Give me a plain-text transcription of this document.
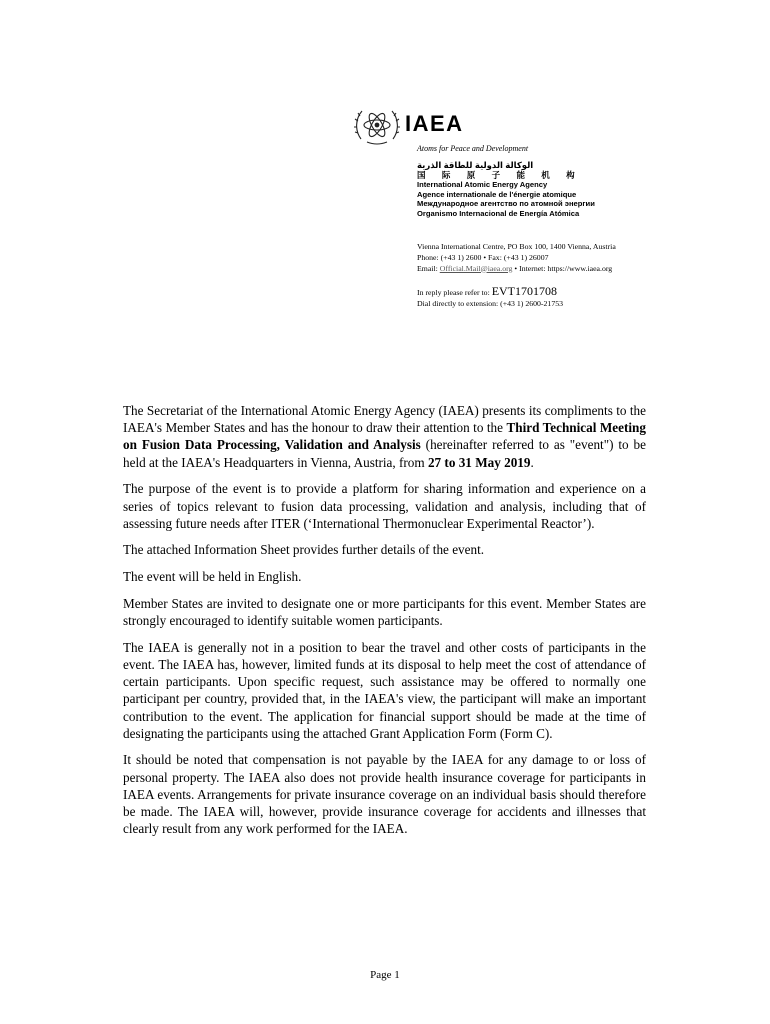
IAEA
Atoms for Peace and Development
الوكالة الدولية للطاقة الذرية
国 际 原 子 能 机 构
International Atomic Energy Agency
Agence internationale de l'énergie atomique
Международное агентство по атомной энергии
Organismo Internacional de Energía Atómica
Vienna International Centre, PO Box 100, 1400 Vienna, Austria
Phone: (+43 1) 2600 • Fax: (+43 1) 26007
Email: Official.Mail@iaea.org • Internet: https://www.iaea.org
In reply please refer to: EVT1701708
Dial directly to extension: (+43 1) 2600-21753

The Secretariat of the International Atomic Energy Agency (IAEA) presents its compliments to the IAEA's Member States and has the honour to draw their attention to the Third Technical Meeting on Fusion Data Processing, Validation and Analysis (hereinafter referred to as "event") to be held at the IAEA's Headquarters in Vienna, Austria, from 27 to 31 May 2019.

The purpose of the event is to provide a platform for sharing information and experience on a series of topics relevant to fusion data processing, validation and analysis, including that of assessing future needs after ITER (‘International Thermonuclear Experimental Reactor’).

The attached Information Sheet provides further details of the event.

The event will be held in English.

Member States are invited to designate one or more participants for this event. Member States are strongly encouraged to identify suitable women participants.

The IAEA is generally not in a position to bear the travel and other costs of participants in the event. The IAEA has, however, limited funds at its disposal to help meet the cost of attendance of certain participants. Upon specific request, such assistance may be offered to normally one participant per country, provided that, in the IAEA's view, the participant will make an important contribution to the event. The application for financial support should be made at the time of designating the participants using the attached Grant Application Form (Form C).

It should be noted that compensation is not payable by the IAEA for any damage to or loss of personal property. The IAEA also does not provide health insurance coverage for participants in IAEA events. Arrangements for private insurance coverage on an individual basis should therefore be made. The IAEA will, however, provide insurance coverage for accidents and illnesses that clearly result from any work performed for the IAEA.

Page 1
